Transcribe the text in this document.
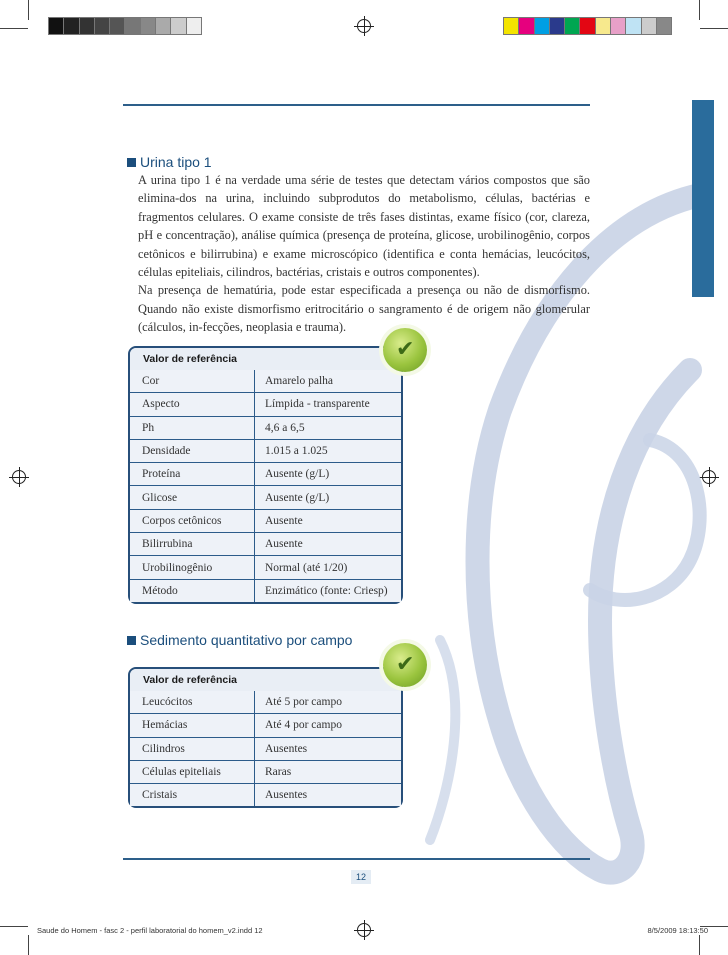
Urina tipo 1

A urina tipo 1 é na verdade uma série de testes que detectam vários compostos que são elimina-dos na urina, incluindo subprodutos do metabolismo, células, bactérias e fragmentos celulares. O exame consiste de três fases distintas, exame físico (cor, clareza, pH e concentração), análise química (presença de proteína, glicose, urobilinogênio, corpos cetônicos e bilirrubina) e exame microscópico (identifica e conta hemácias, leucócitos, células epiteliais, cilindros, bactérias, cristais e outros componentes).

Na presença de hematúria, pode estar especificada a presença ou não de dismorfismo. Quando não existe dismorfismo eritrocitário o sangramento é de origem não glomerular (cálculos, in-fecções, neoplasia e trauma).

Valor de referência
Cor	Amarelo palha
Aspecto	Límpida - transparente
Ph	4,6 a 6,5
Densidade	1.015 a 1.025
Proteína	Ausente (g/L)
Glicose	Ausente (g/L)
Corpos cetônicos	Ausente
Bilirrubina	Ausente
Urobilinogênio	Normal (até 1/20)
Método	Enzimático (fonte: Criesp)
✔
Sedimento quantitativo por campo
Valor de referência
Leucócitos	Até 5 por campo
Hemácias	Até 4 por campo
Cilindros	Ausentes
Células epiteliais	Raras
Cristais	Ausentes
✔
12
Saude do Homem - fasc 2 - perfil laboratorial do homem_v2.indd 12	8/5/2009 18:13:50
